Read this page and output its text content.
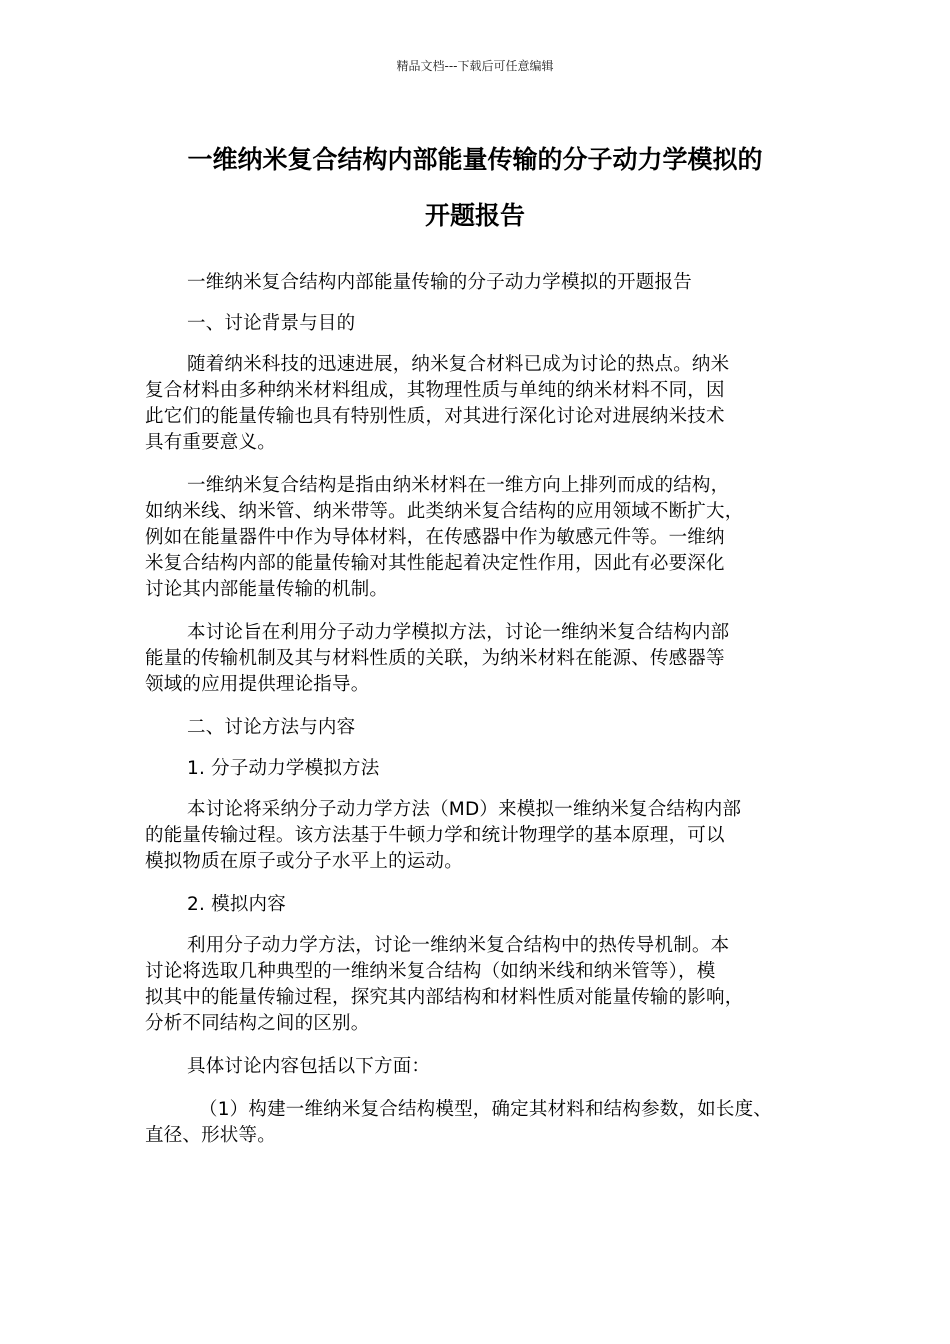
精品文档---下载后可任意编辑
一维纳米复合结构内部能量传输的分子动力学模拟的
开题报告

一维纳米复合结构内部能量传输的分子动力学模拟的开题报告

一、讨论背景与目的

随着纳米科技的迅速进展，纳米复合材料已成为讨论的热点。纳米
复合材料由多种纳米材料组成，其物理性质与单纯的纳米材料不同，因
此它们的能量传输也具有特别性质，对其进行深化讨论对进展纳米技术
具有重要意义。

一维纳米复合结构是指由纳米材料在一维方向上排列而成的结构，
如纳米线、纳米管、纳米带等。此类纳米复合结构的应用领域不断扩大，
例如在能量器件中作为导体材料，在传感器中作为敏感元件等。一维纳
米复合结构内部的能量传输对其性能起着决定性作用，因此有必要深化
讨论其内部能量传输的机制。

本讨论旨在利用分子动力学模拟方法，讨论一维纳米复合结构内部
能量的传输机制及其与材料性质的关联，为纳米材料在能源、传感器等
领域的应用提供理论指导。

二、讨论方法与内容

1. 分子动力学模拟方法

本讨论将采纳分子动力学方法（MD）来模拟一维纳米复合结构内部
的能量传输过程。该方法基于牛顿力学和统计物理学的基本原理，可以
模拟物质在原子或分子水平上的运动。

2. 模拟内容

利用分子动力学方法，讨论一维纳米复合结构中的热传导机制。本
讨论将选取几种典型的一维纳米复合结构（如纳米线和纳米管等），模
拟其中的能量传输过程，探究其内部结构和材料性质对能量传输的影响，
分析不同结构之间的区别。

具体讨论内容包括以下方面：

（1）构建一维纳米复合结构模型，确定其材料和结构参数，如长度、
直径、形状等。
